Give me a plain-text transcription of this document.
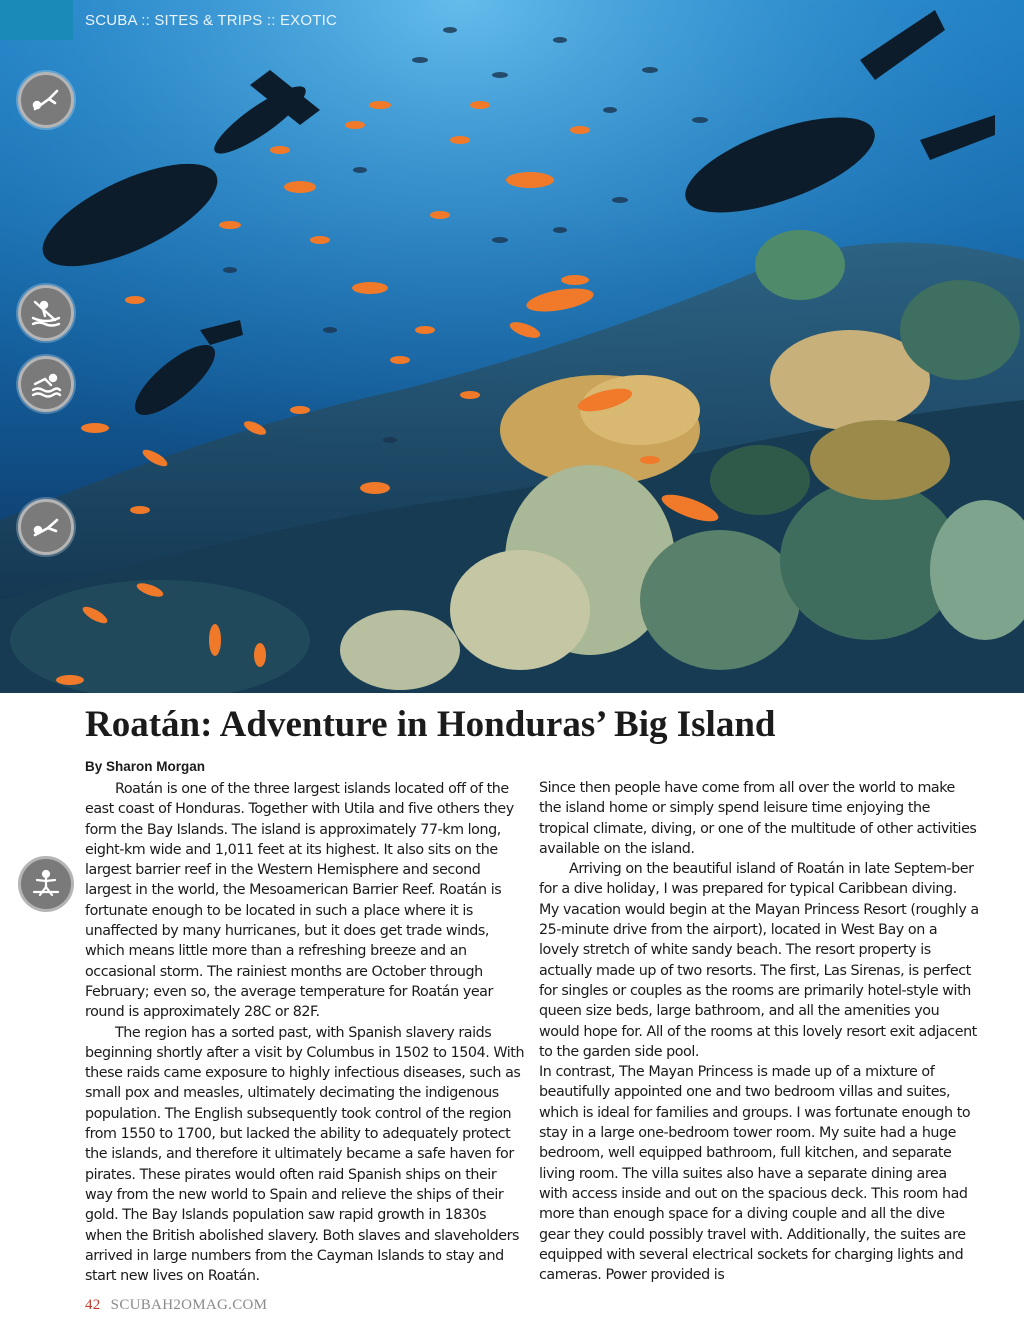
SCUBA :: SITES & TRIPS :: EXOTIC
Roatán: Adventure in Honduras’ Big Island
By Sharon Morgan

Roatán is one of the three largest islands located off of the east coast of Honduras. Together with Utila and five others they form the Bay Islands. The island is approximately 77-km long, eight-km wide and 1,011 feet at its highest. It also sits on the largest barrier reef in the Western Hemisphere and second largest in the world, the Mesoamerican Barrier Reef. Roatán is fortunate enough to be located in such a place where it is unaffected by many hurricanes, but it does get trade winds, which means little more than a refreshing breeze and an occasional storm. The rainiest months are October through February; even so, the average temperature for Roatán year round is approximately 28C or 82F.

The region has a sorted past, with Spanish slavery raids beginning shortly after a visit by Columbus in 1502 to 1504. With these raids came exposure to highly infectious diseases, such as small pox and measles, ultimately decimating the indigenous population. The English subsequently took control of the region from 1550 to 1700, but lacked the ability to adequately protect the islands, and therefore it ultimately became a safe haven for pirates. These pirates would often raid Spanish ships on their way from the new world to Spain and relieve the ships of their gold. The Bay Islands population saw rapid growth in 1830s when the British abolished slavery. Both slaves and slaveholders arrived in large numbers from the Cayman Islands to stay and start new lives on Roatán.

Since then people have come from all over the world to make the island home or simply spend leisure time enjoying the tropical climate, diving, or one of the multitude of other activities available on the island.

Arriving on the beautiful island of Roatán in late Septem-ber for a dive holiday, I was prepared for typical Caribbean diving. My vacation would begin at the Mayan Princess Resort (roughly a 25-minute drive from the airport), located in West Bay on a lovely stretch of white sandy beach. The resort property is actually made up of two resorts. The first, Las Sirenas, is perfect for singles or couples as the rooms are primarily hotel-style with queen size beds, large bathroom, and all the amenities you would hope for. All of the rooms at this lovely resort exit adjacent to the garden side pool.

In contrast, The Mayan Princess is made up of a mixture of beautifully appointed one and two bedroom villas and suites, which is ideal for families and groups. I was fortunate enough to stay in a large one-bedroom tower room. My suite had a huge bedroom, well equipped bathroom, full kitchen, and separate living room. The villa suites also have a separate dining area with access inside and out on the spacious deck. This room had more than enough space for a diving couple and all the dive gear they could possibly travel with. Additionally, the suites are equipped with several electrical sockets for charging lights and cameras. Power provided is

42 SCUBAH2OMAG.COM
